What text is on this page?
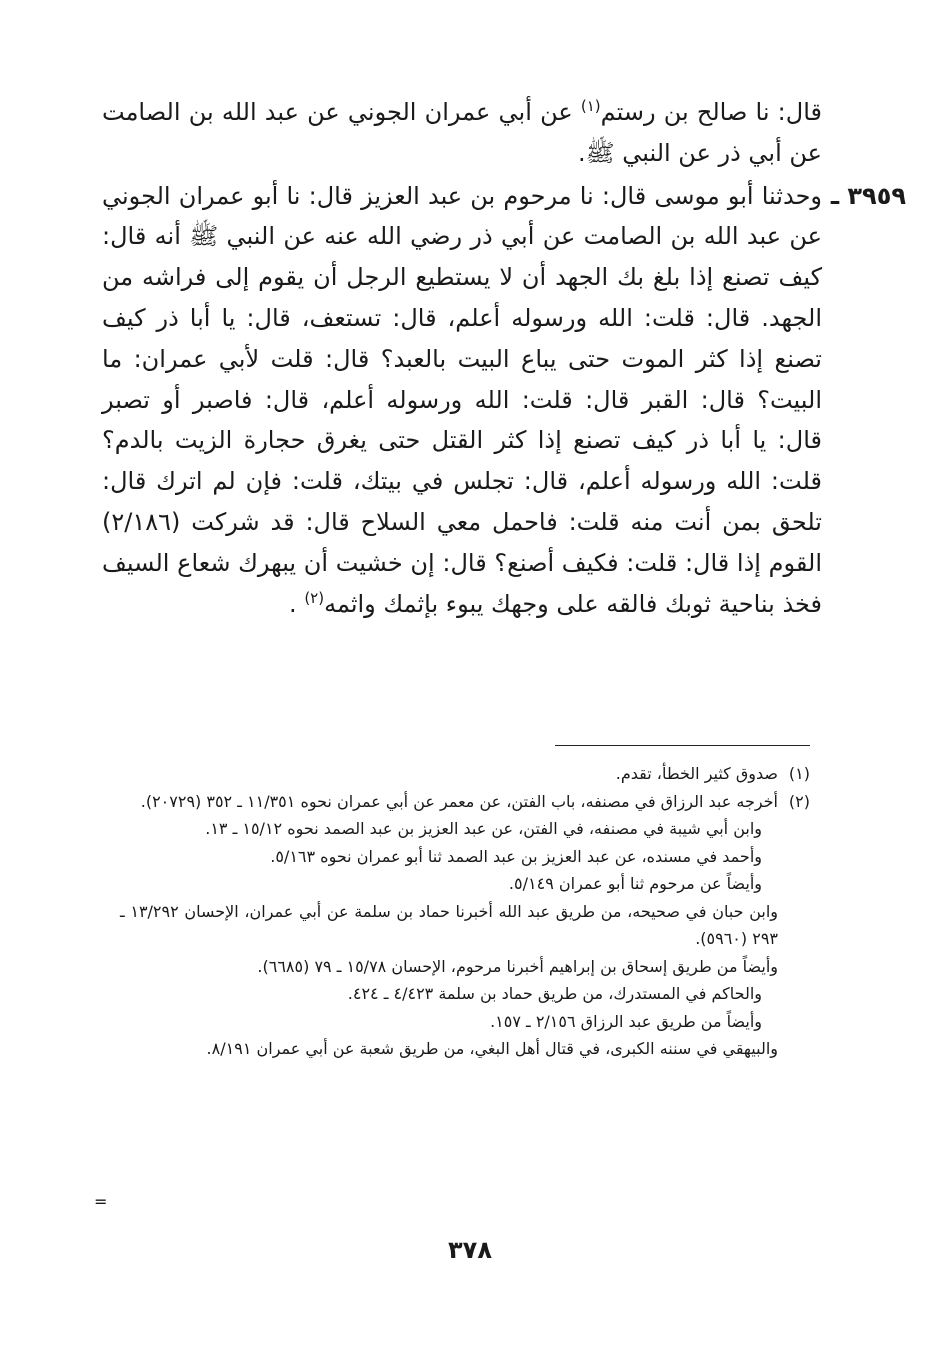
قال: نا صالح بن رستم$^{(١)}$ عن أبي عمران الجوني عن عبد الله بن الصامت عن أبي ذر عن النبي ﷺ.

٣٩٥٩ ـ
وحدثنا أبو موسى قال: نا مرحوم بن عبد العزيز قال: نا أبو عمران الجوني عن عبد الله بن الصامت عن أبي ذر رضي الله عنه عن النبي ﷺ أنه قال: كيف تصنع إذا بلغ بك الجهد أن لا يستطيع الرجل أن يقوم إلى فراشه من الجهد. قال: قلت: الله ورسوله أعلم، قال: تستعف، قال: يا أبا ذر كيف تصنع إذا كثر الموت حتى يباع البيت بالعبد؟ قال: قلت لأبي عمران: ما البيت؟ قال: القبر قال: قلت: الله ورسوله أعلم، قال: فاصبر أو تصبر قال: يا أبا ذر كيف تصنع إذا كثر القتل حتى يغرق حجارة الزيت بالدم؟ قلت: الله ورسوله أعلم، قال: تجلس في بيتك، قلت: فإن لم اترك قال: تلحق بمن أنت منه قلت: فاحمل معي السلاح قال: قد شركت (٢/١٨٦) القوم إذا قال: قلت: فكيف أصنع؟ قال: إن خشيت أن يبهرك شعاع السيف فخذ بناحية ثوبك فالقه على وجهك يبوء بإثمك واثمه$^{(٢)}$ .

(١)
صدوق كثير الخطأ، تقدم.

(٢)
أخرجه عبد الرزاق في مصنفه، باب الفتن، عن معمر عن أبي عمران نحوه ١١/٣٥١ ـ ٣٥٢ (٢٠٧٢٩).

وابن أبي شيبة في مصنفه، في الفتن، عن عبد العزيز بن عبد الصمد نحوه ١٥/١٢ ـ ١٣.

وأحمد في مسنده، عن عبد العزيز بن عبد الصمد ثنا أبو عمران نحوه ٥/١٦٣.

وأيضاً عن مرحوم ثنا أبو عمران ٥/١٤٩.

وابن حبان في صحيحه، من طريق عبد الله أخبرنا حماد بن سلمة عن أبي عمران، الإحسان ١٣/٢٩٢ ـ ٢٩٣ (٥٩٦٠).

وأيضاً من طريق إسحاق بن إبراهيم أخبرنا مرحوم، الإحسان ١٥/٧٨ ـ ٧٩ (٦٦٨٥).

والحاكم في المستدرك، من طريق حماد بن سلمة ٤/٤٢٣ ـ ٤٢٤.

وأيضاً من طريق عبد الرزاق ٢/١٥٦ ـ ١٥٧.

والبيهقي في سننه الكبرى، في قتال أهل البغي، من طريق شعبة عن أبي عمران ٨/١٩١.

=
٣٧٨
